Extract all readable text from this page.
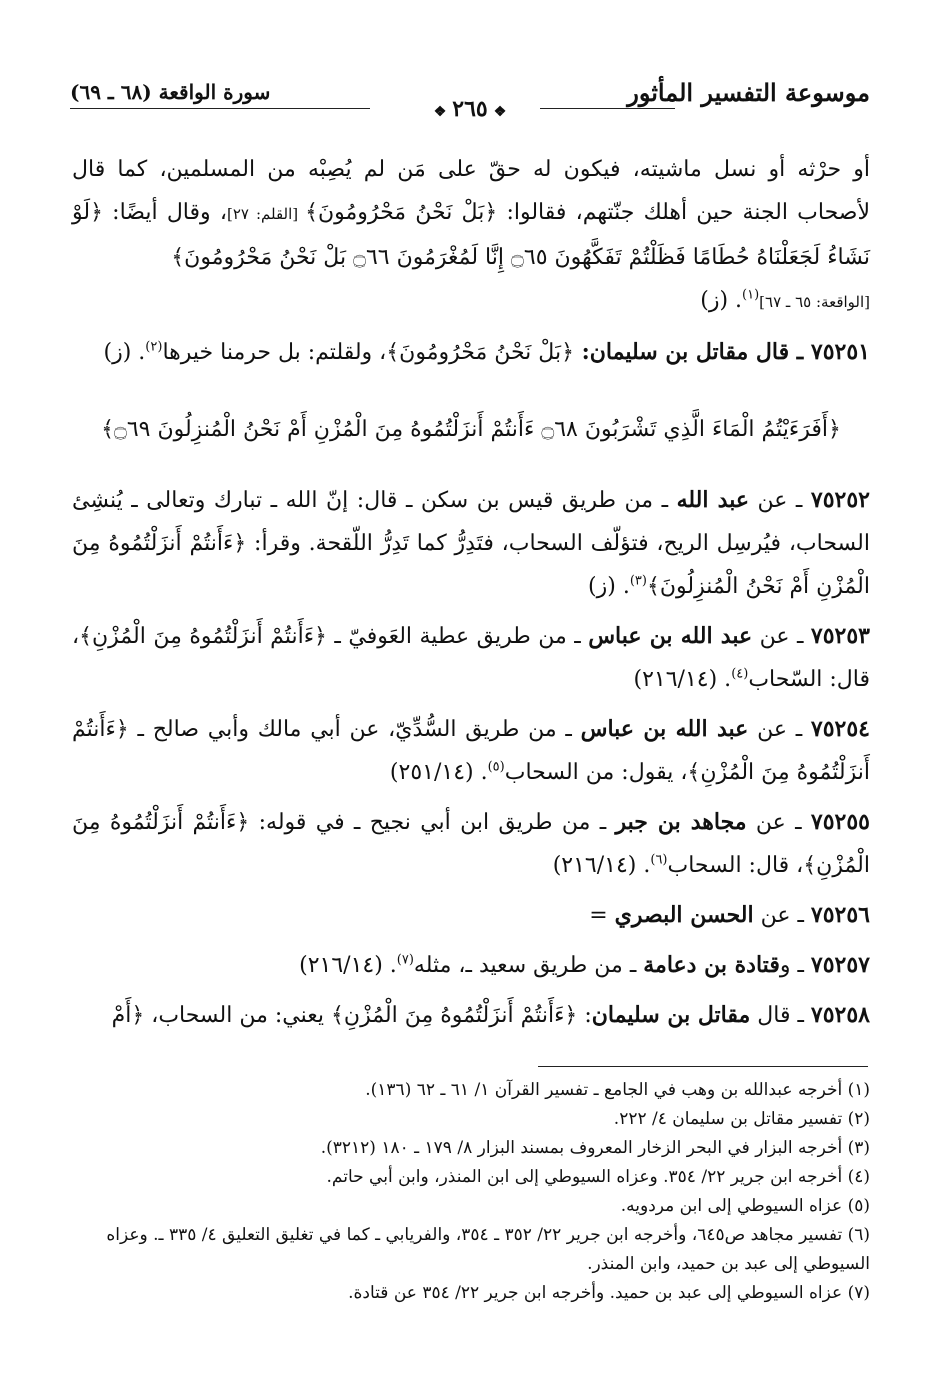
موسوعة التفسير المأثور
سورة الواقعة (٦٨ ـ ٦٩)
❖٢٦٥❖

أو حرْثه أو نسل ماشيته، فيكون له حقّ على مَن لم يُصِبْه من المسلمين، كما قال لأصحاب الجنة حين أهلك جنّتهم، فقالوا: ﴿بَلْ نَحْنُ مَحْرُومُونَ﴾ [القلم: ٢٧]، وقال أيضًا: ﴿لَوْ نَشَاءُ لَجَعَلْنَاهُ حُطَامًا فَظَلْتُمْ تَفَكَّهُونَ ۝٦٥ إِنَّا لَمُغْرَمُونَ ۝٦٦ بَلْ نَحْنُ مَحْرُومُونَ﴾
[الواقعة: ٦٥ ـ ٦٧]$^{(١)}$. (ز)

٧٥٢٥١ ـ قال مقاتل بن سليمان: ﴿بَلْ نَحْنُ مَحْرُومُونَ﴾، ولقلتم: بل حرمنا خيرها$^{(٢)}$. (ز)

﴿أَفَرَءَيْتُمُ الْمَاءَ الَّذِي تَشْرَبُونَ ۝٦٨ ءَأَنتُمْ أَنزَلْتُمُوهُ مِنَ الْمُزْنِ أَمْ نَحْنُ الْمُنزِلُونَ ۝٦٩﴾

٧٥٢٥٢ ـ عن عبد الله ـ من طريق قيس بن سكن ـ قال: إنّ الله ـ تبارك وتعالى ـ يُنشِئ السحاب، فيُرسِل الريح، فتؤلّف السحاب، فتَدِرُّ كما تَدِرُّ اللّقحة. وقرأ: ﴿ءَأَنتُمْ أَنزَلْتُمُوهُ مِنَ الْمُزْنِ أَمْ نَحْنُ الْمُنزِلُونَ﴾$^{(٣)}$. (ز)

٧٥٢٥٣ ـ عن عبد الله بن عباس ـ من طريق عطية العَوفيّ ـ ﴿ءَأَنتُمْ أَنزَلْتُمُوهُ مِنَ الْمُزْنِ﴾، قال: السّحاب$^{(٤)}$. (٢١٦/١٤)

٧٥٢٥٤ ـ عن عبد الله بن عباس ـ من طريق السُّدِّيّ، عن أبي مالك وأبي صالح ـ ﴿ءَأَنتُمْ أَنزَلْتُمُوهُ مِنَ الْمُزْنِ﴾، يقول: من السحاب$^{(٥)}$. (٢٥١/١٤)

٧٥٢٥٥ ـ عن مجاهد بن جبر ـ من طريق ابن أبي نجيح ـ في قوله: ﴿ءَأَنتُمْ أَنزَلْتُمُوهُ مِنَ الْمُزْنِ﴾، قال: السحاب$^{(٦)}$. (٢١٦/١٤)

٧٥٢٥٦ ـ عن الحسن البصري =

٧٥٢٥٧ ـ وقتادة بن دعامة ـ من طريق سعيد ـ، مثله$^{(٧)}$. (٢١٦/١٤)

٧٥٢٥٨ ـ قال مقاتل بن سليمان: ﴿ءَأَنتُمْ أَنزَلْتُمُوهُ مِنَ الْمُزْنِ﴾ يعني: من السحاب، ﴿أَمْ

(١) أخرجه عبدالله بن وهب في الجامع ـ تفسير القرآن ١/ ٦١ ـ ٦٢ (١٣٦).
(٢) تفسير مقاتل بن سليمان ٤/ ٢٢٢.
(٣) أخرجه البزار في البحر الزخار المعروف بمسند البزار ٨/ ١٧٩ ـ ١٨٠ (٣٢١٢).
(٤) أخرجه ابن جرير ٢٢/ ٣٥٤. وعزاه السيوطي إلى ابن المنذر، وابن أبي حاتم.
(٥) عزاه السيوطي إلى ابن مردويه.
(٦) تفسير مجاهد ص٦٤٥، وأخرجه ابن جرير ٢٢/ ٣٥٢ ـ ٣٥٤، والفريابي ـ كما في تغليق التعليق ٤/ ٣٣٥ ـ. وعزاه السيوطي إلى عبد بن حميد، وابن المنذر.
(٧) عزاه السيوطي إلى عبد بن حميد. وأخرجه ابن جرير ٢٢/ ٣٥٤ عن قتادة.
